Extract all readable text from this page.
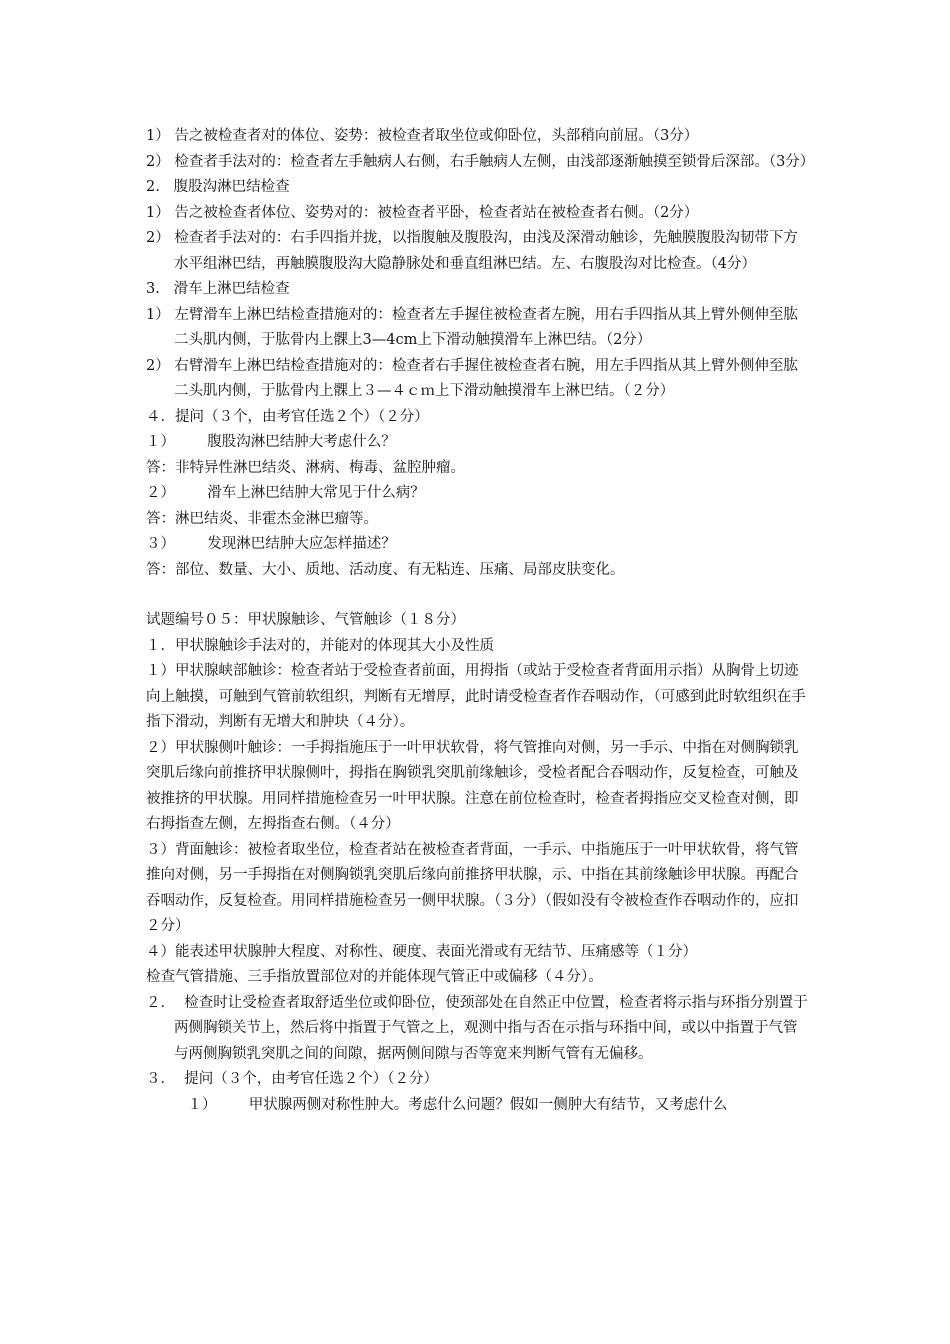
1） 告之被检查者对的体位、姿势：被检查者取坐位或仰卧位，头部稍向前屈。（3分）
2） 检查者手法对的：检查者左手触病人右侧，右手触病人左侧，由浅部逐渐触摸至锁骨后深部。（3分）
2.   腹股沟淋巴结检查
1） 告之被检查者体位、姿势对的：被检查者平卧，检查者站在被检查者右侧。（2分）
2） 检查者手法对的：右手四指并拢，以指腹触及腹股沟，由浅及深滑动触诊，先触膜腹股沟韧带下方水平组淋巴结，再触膜腹股沟大隐静脉处和垂直组淋巴结。左、右腹股沟对比检查。（4分）
3.   滑车上淋巴结检查
1） 左臂滑车上淋巴结检查措施对的：检查者左手握住被检查者左腕，用右手四指从其上臂外侧伸至肱二头肌内侧，于肱骨内上髁上3—4cm上下滑动触摸滑车上淋巴结。（2分）
2） 右臂滑车上淋巴结检查措施对的：检查者右手握住被检查者右腕，用左手四指从其上臂外侧伸至肱二头肌内侧，于肱骨内上髁上３—４ｃｍ上下滑动触摸滑车上淋巴结。（２分）
４．提问（３个，由考官任选２个）（２分）
１）       腹股沟淋巴结肿大考虑什么？
答：非特异性淋巴结炎、淋病、梅毒、盆腔肿瘤。
２）       滑车上淋巴结肿大常见于什么病？
答：淋巴结炎、非霍杰金淋巴瘤等。
３）       发现淋巴结肿大应怎样描述？
答：部位、数量、大小、质地、活动度、有无粘连、压痛、局部皮肤变化。
试题编号０５：甲状腺触诊、气管触诊（１８分）
１．甲状腺触诊手法对的，并能对的体现其大小及性质
１）甲状腺峡部触诊：检查者站于受检查者前面，用拇指（或站于受检查者背面用示指）从胸骨上切迹向上触摸，可触到气管前软组织，判断有无增厚，此时请受检查者作吞咽动作，（可感到此时软组织在手指下滑动，判断有无增大和肿块（４分）。
２）甲状腺侧叶触诊：一手拇指施压于一叶甲状软骨，将气管推向对侧，另一手示、中指在对侧胸锁乳突肌后缘向前推挤甲状腺侧叶，拇指在胸锁乳突肌前缘触诊，受检者配合吞咽动作，反复检查，可触及被推挤的甲状腺。用同样措施检查另一叶甲状腺。注意在前位检查时，检查者拇指应交叉检查对侧，即右拇指查左侧，左拇指查右侧。（４分）
３）背面触诊：被检者取坐位，检查者站在被检查者背面，一手示、中指施压于一叶甲状软骨，将气管推向对侧，另一手拇指在对侧胸锁乳突肌后缘向前推挤甲状腺，示、中指在其前缘触诊甲状腺。再配合吞咽动作，反复检查。用同样措施检查另一侧甲状腺。（３分）（假如没有令被检查作吞咽动作的，应扣２分）
４）能表述甲状腺肿大程度、对称性、硬度、表面光滑或有无结节、压痛感等（１分）
检查气管措施、三手指放置部位对的并能体现气管正中或偏移（４分）。
２．  检查时让受检查者取舒适坐位或仰卧位，使颈部处在自然正中位置，检查者将示指与环指分别置于两侧胸锁关节上，然后将中指置于气管之上，观测中指与否在示指与环指中间，或以中指置于气管与两侧胸锁乳突肌之间的间隙，据两侧间隙与否等宽来判断气管有无偏移。
３．  提问（３个，由考官任选２个）（２分）
１）       甲状腺两侧对称性肿大。考虑什么问题？假如一侧肿大有结节，又考虑什么
